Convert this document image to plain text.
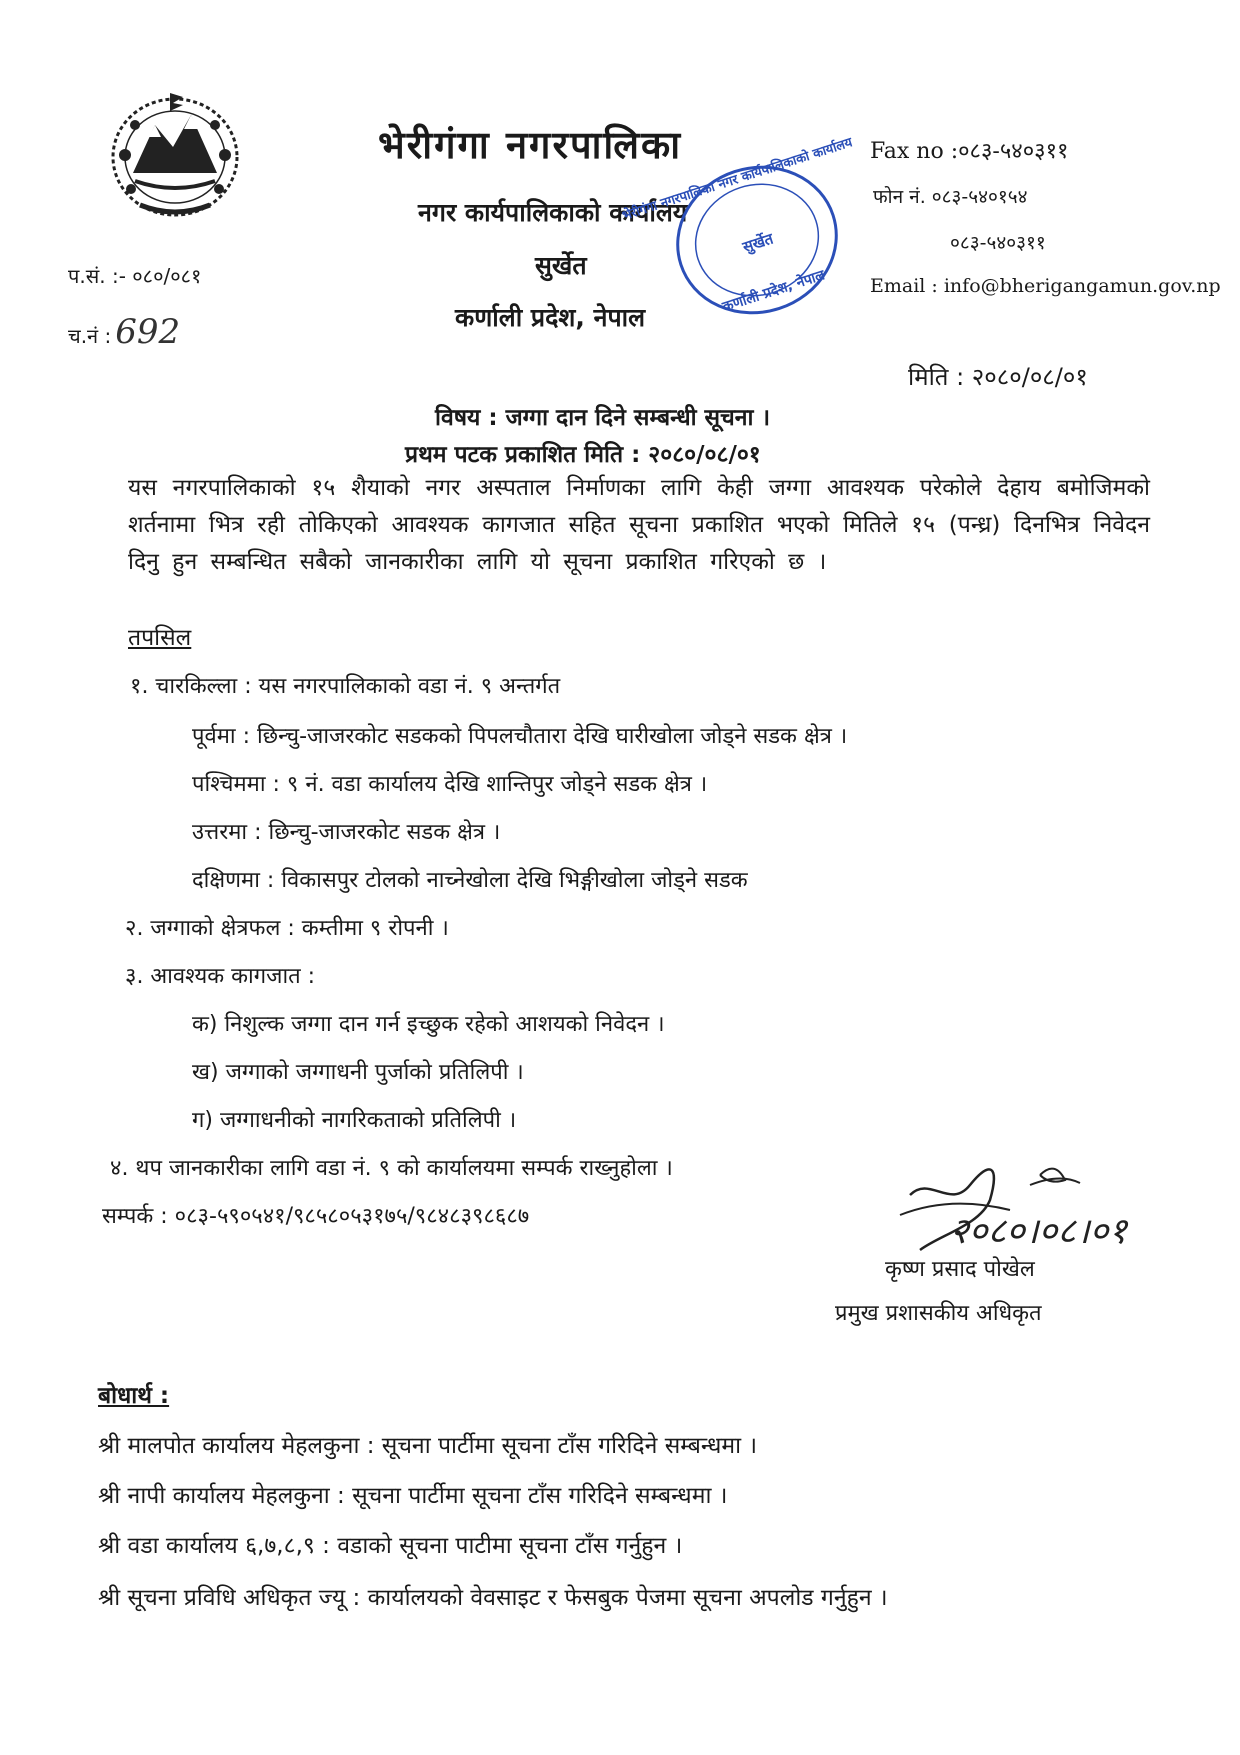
भेरीगंगा नगरपालिका
नगर कार्यपालिकाको कार्यालय
सुर्खेत
कर्णाली प्रदेश, नेपाल
Fax no :०८३-५४०३११
फोन नं. ०८३-५४०१५४
०८३-५४०३११
Email : info@bherigangamun.gov.np
प.सं. :- ०८०/०८१
च.नं : 692
भेरीगंगा नगरपालिका नगर कार्यपालिकाको कार्यालय
सुर्खेत
कर्णाली प्रदेश, नेपाल
मिति : २०८०/०८/०१
विषय : जग्गा दान दिने सम्बन्धी सूचना ।
प्रथम पटक प्रकाशित मिति : २०८०/०८/०१
यस नगरपालिकाको १५ शैयाको नगर अस्पताल निर्माणका लागि केही जग्गा आवश्यक परेकोले देहाय बमोजिमको शर्तनामा भित्र रही तोकिएको आवश्यक कागजात सहित सूचना प्रकाशित भएको मितिले १५ (पन्ध्र) दिनभित्र निवेदन दिनु हुन सम्बन्धित सबैको जानकारीका लागि यो सूचना प्रकाशित गरिएको छ ।
तपसिल
१. चारकिल्ला : यस नगरपालिकाको वडा नं. ९ अन्तर्गत
पूर्वमा : छिन्चु-जाजरकोट सडकको पिपलचौतारा देखि घारीखोला जोड्ने सडक क्षेत्र ।
पश्चिममा : ९ नं. वडा कार्यालय देखि शान्तिपुर जोड्ने सडक क्षेत्र ।
उत्तरमा : छिन्चु-जाजरकोट सडक क्षेत्र ।
दक्षिणमा : विकासपुर टोलको नाच्नेखोला देखि भिङ्गीखोला जोड्ने सडक
२. जग्गाको क्षेत्रफल : कम्तीमा ९ रोपनी ।
३. आवश्यक कागजात :
क) निशुल्क जग्गा दान गर्न इच्छुक रहेको आशयको निवेदन ।
ख) जग्गाको जग्गाधनी पुर्जाको प्रतिलिपी ।
ग) जग्गाधनीको नागरिकताको प्रतिलिपी ।
४. थप जानकारीका लागि वडा नं. ९ को कार्यालयमा सम्पर्क राख्नुहोला ।
सम्पर्क : ०८३-५९०५४१/९८५८०५३१७५/९८४८३९८६८७	२०८०।०८।०१
कृष्ण प्रसाद पोखेल
प्रमुख प्रशासकीय अधिकृत
बोधार्थ :
श्री मालपोत कार्यालय मेहलकुना : सूचना पार्टीमा सूचना टाँस गरिदिने सम्बन्धमा ।
श्री नापी कार्यालय मेहलकुना : सूचना पार्टीमा सूचना टाँस गरिदिने सम्बन्धमा ।
श्री वडा कार्यालय ६,७,८,९ : वडाको सूचना पाटीमा सूचना टाँस गर्नुहुन ।
श्री सूचना प्रविधि अधिकृत ज्यू : कार्यालयको वेवसाइट र फेसबुक पेजमा सूचना अपलोड गर्नुहुन ।
